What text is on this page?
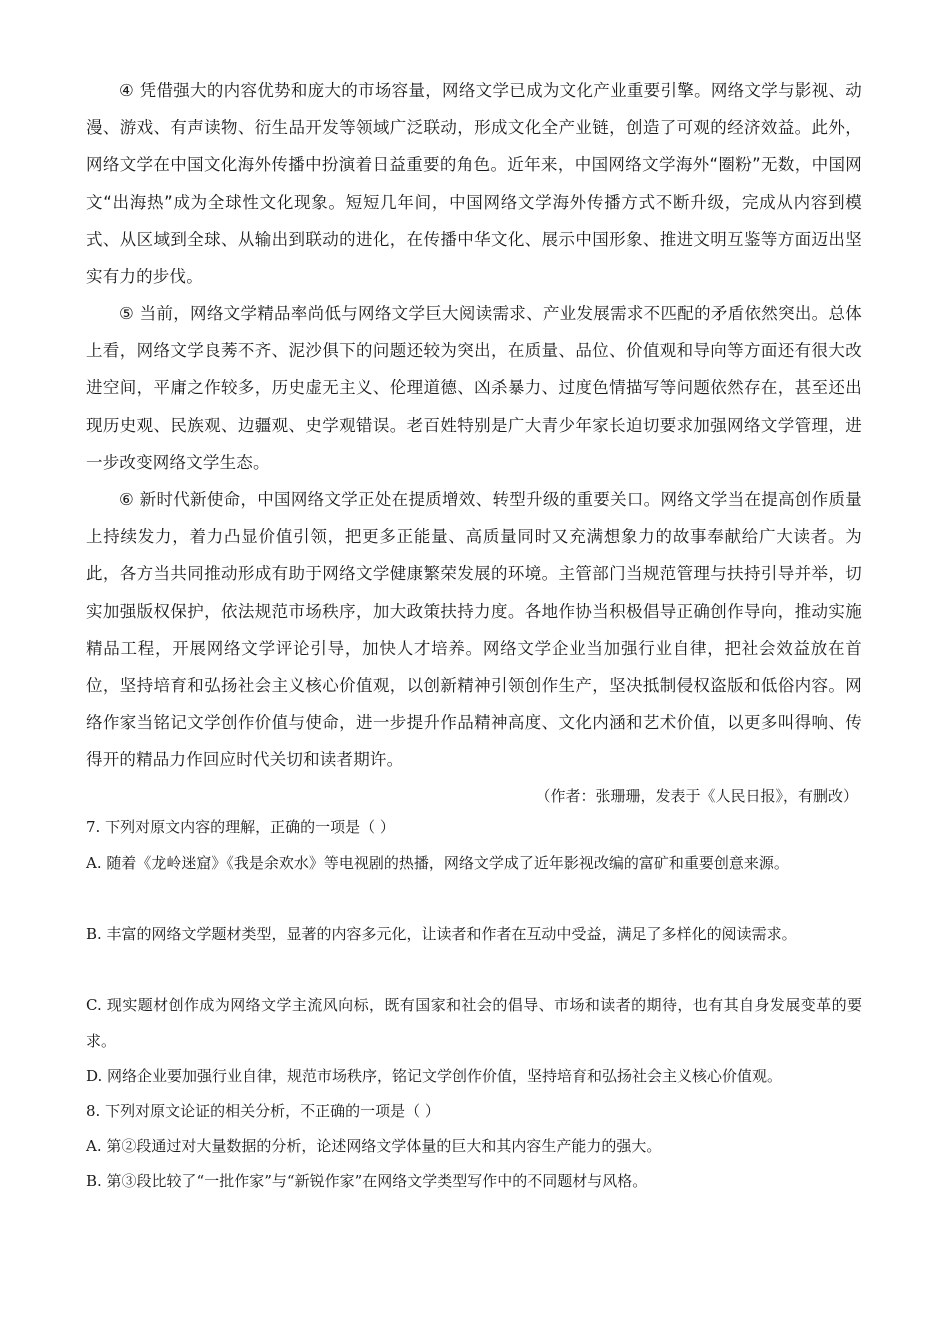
④ 凭借强大的内容优势和庞大的市场容量，网络文学已成为文化产业重要引擎。网络文学与影视、动漫、游戏、有声读物、衍生品开发等领域广泛联动，形成文化全产业链，创造了可观的经济效益。此外，网络文学在中国文化海外传播中扮演着日益重要的角色。近年来，中国网络文学海外“圈粉”无数，中国网文“出海热”成为全球性文化现象。短短几年间，中国网络文学海外传播方式不断升级，完成从内容到模式、从区域到全球、从输出到联动的进化，在传播中华文化、展示中国形象、推进文明互鉴等方面迈出坚实有力的步伐。

⑤ 当前，网络文学精品率尚低与网络文学巨大阅读需求、产业发展需求不匹配的矛盾依然突出。总体上看，网络文学良莠不齐、泥沙俱下的问题还较为突出，在质量、品位、价值观和导向等方面还有很大改进空间，平庸之作较多，历史虚无主义、伦理道德、凶杀暴力、过度色情描写等问题依然存在，甚至还出现历史观、民族观、边疆观、史学观错误。老百姓特别是广大青少年家长迫切要求加强网络文学管理，进一步改变网络文学生态。

⑥ 新时代新使命，中国网络文学正处在提质增效、转型升级的重要关口。网络文学当在提高创作质量上持续发力，着力凸显价值引领，把更多正能量、高质量同时又充满想象力的故事奉献给广大读者。为此，各方当共同推动形成有助于网络文学健康繁荣发展的环境。主管部门当规范管理与扶持引导并举，切实加强版权保护，依法规范市场秩序，加大政策扶持力度。各地作协当积极倡导正确创作导向，推动实施精品工程，开展网络文学评论引导，加快人才培养。网络文学企业当加强行业自律，把社会效益放在首位，坚持培育和弘扬社会主义核心价值观，以创新精神引领创作生产，坚决抵制侵权盗版和低俗内容。网络作家当铭记文学创作价值与使命，进一步提升作品精神高度、文化内涵和艺术价值，以更多叫得响、传得开的精品力作回应时代关切和读者期许。

（作者：张珊珊，发表于《人民日报》，有删改）

7. 下列对原文内容的理解，正确的一项是（ ）

A. 随着《龙岭迷窟》《我是余欢水》等电视剧的热播，网络文学成了近年影视改编的富矿和重要创意来源。

B. 丰富的网络文学题材类型，显著的内容多元化，让读者和作者在互动中受益，满足了多样化的阅读需求。

C. 现实题材创作成为网络文学主流风向标，既有国家和社会的倡导、市场和读者的期待，也有其自身发展变革的要求。

D. 网络企业要加强行业自律，规范市场秩序，铭记文学创作价值，坚持培育和弘扬社会主义核心价值观。

8. 下列对原文论证的相关分析，不正确的一项是（ ）

A. 第②段通过对大量数据的分析，论述网络文学体量的巨大和其内容生产能力的强大。

B. 第③段比较了“一批作家”与“新锐作家”在网络文学类型写作中的不同题材与风格。
